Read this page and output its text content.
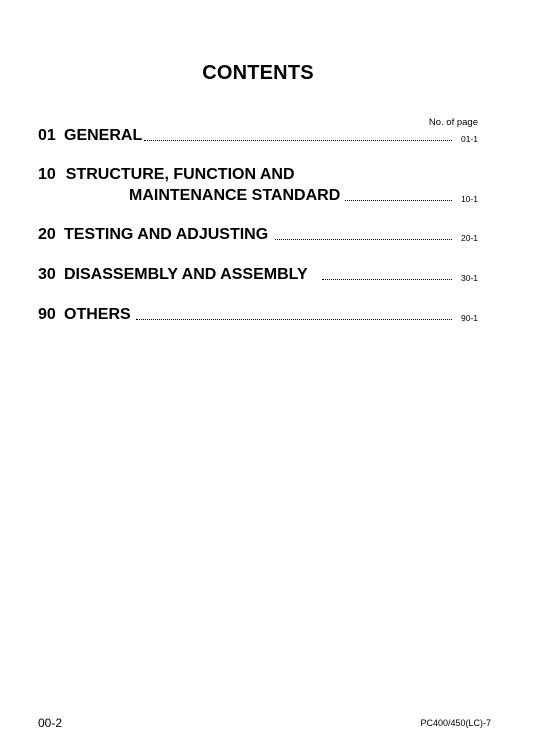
CONTENTS
No. of page
01 GENERAL	01-1
10 STRUCTURE, FUNCTION AND
MAINTENANCE STANDARD	10-1
20 TESTING AND ADJUSTING	20-1
30 DISASSEMBLY AND ASSEMBLY	30-1
90 OTHERS	90-1
00-2	PC400/450(LC)-7
